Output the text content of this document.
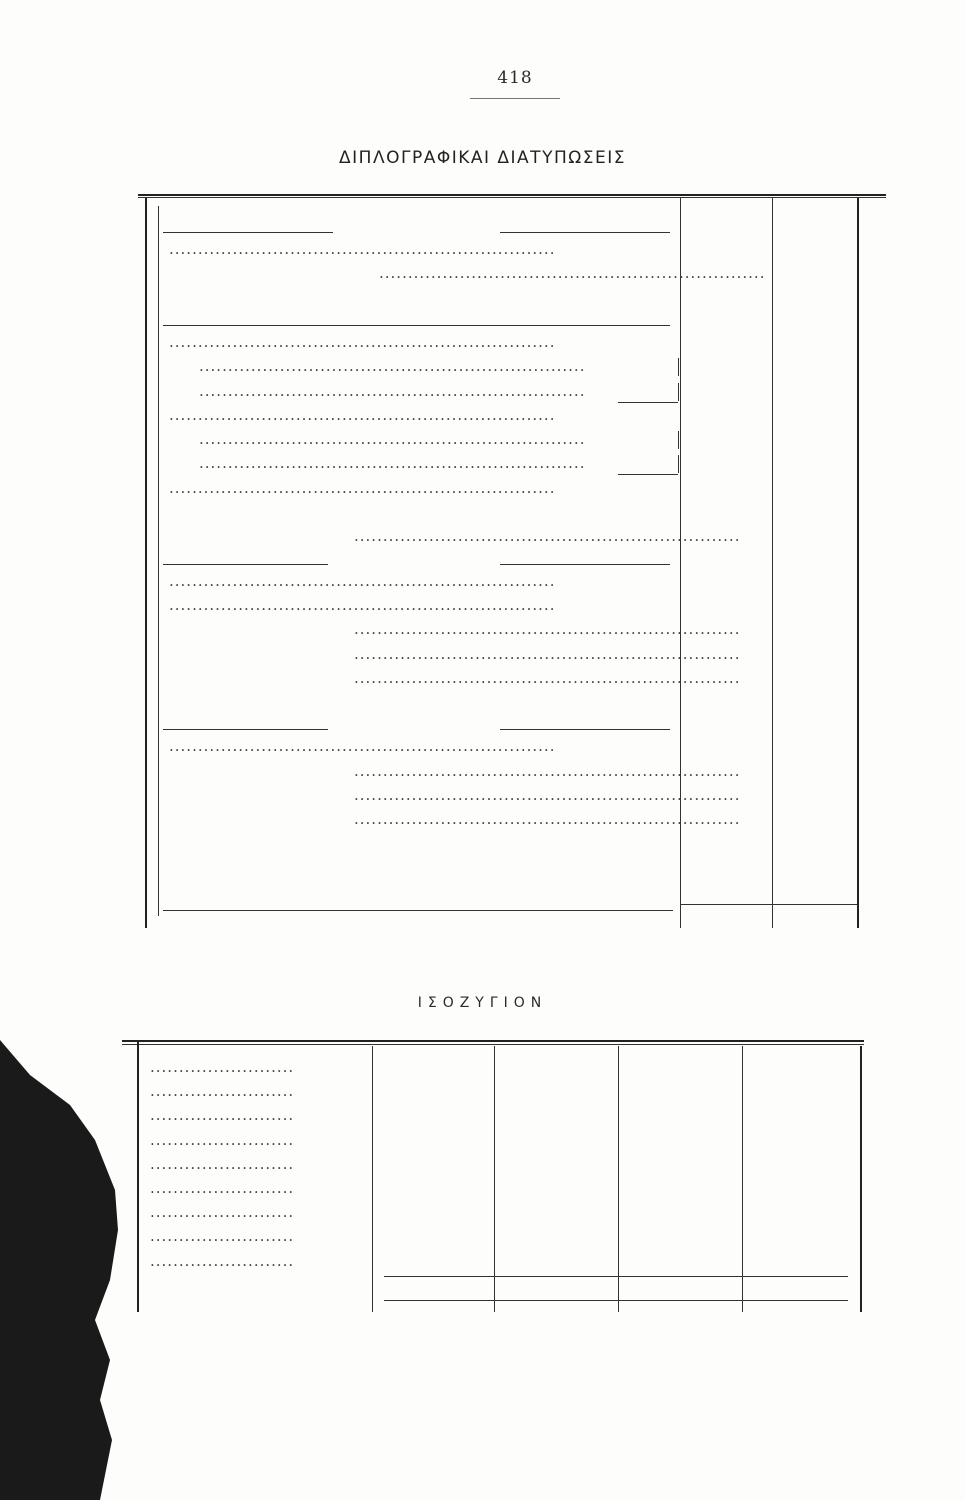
418
ΔΙΠΛΟΓΡΑΦΙΚΑΙ ΔΙΑΤΥΠΩΣΕΙΣ
...................................................................
...................................................................
...................................................................
...................................................................
...................................................................
...................................................................
...................................................................
...................................................................
...................................................................
...................................................................
...................................................................
...................................................................
...................................................................
...................................................................
...................................................................
...................................................................
...................................................................
...................................................................
...................................................................
ΙΣΟΖΥΓΙΟΝ
.........................
.........................
.........................
.........................
.........................
.........................
.........................
.........................
.........................
